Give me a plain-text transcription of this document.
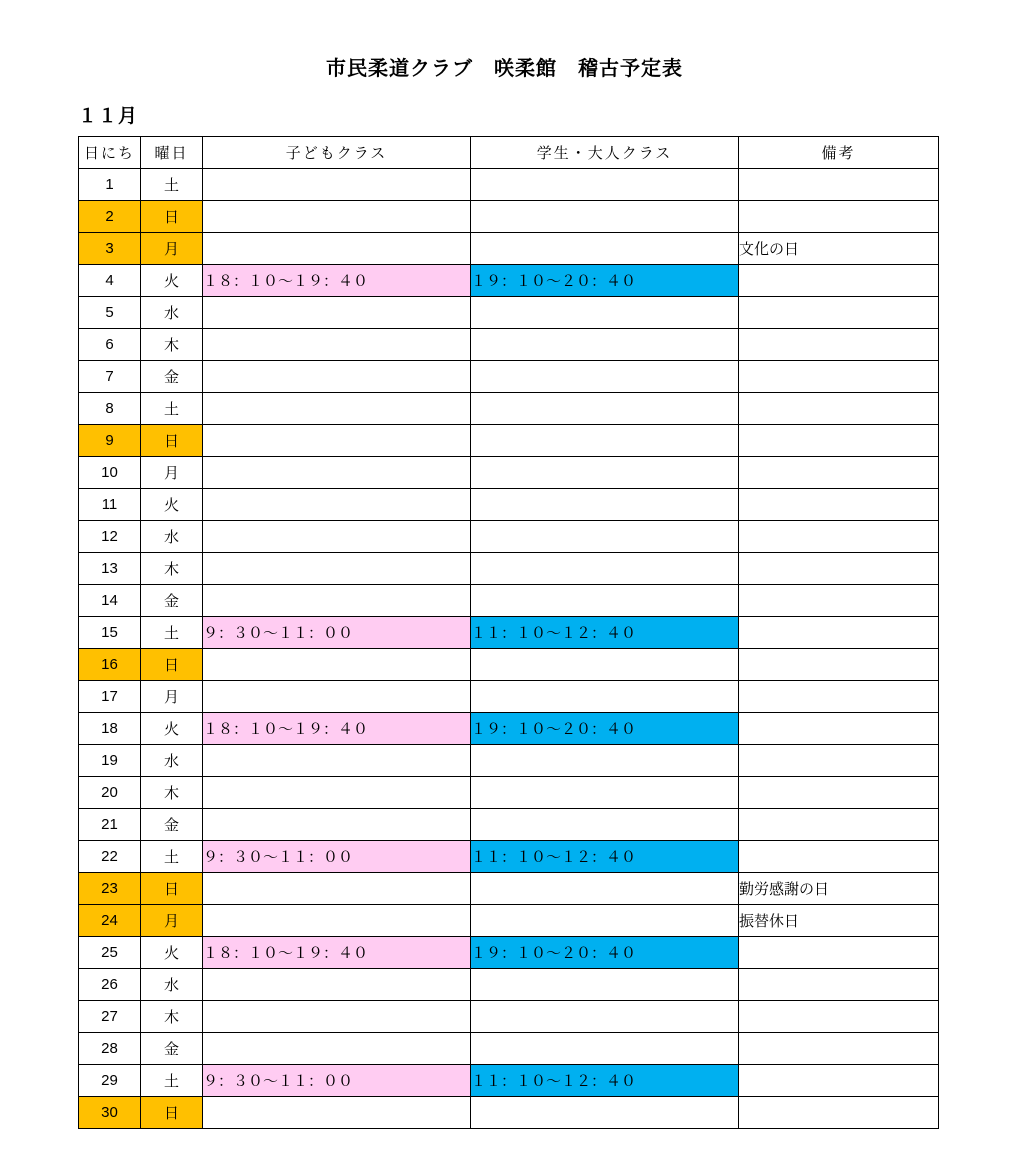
市民柔道クラブ　咲柔館　稽古予定表
１１月
日にち	曜日	子どもクラス	学生・大人クラス	備考
1	土			
2	日			
3	月			文化の日
4	火	１８：１０〜１９：４０	１９：１０〜２０：４０	
5	水			
6	木			
7	金			
8	土			
9	日			
10	月			
11	火			
12	水			
13	木			
14	金			
15	土	９：３０〜１１：００	１１：１０〜１２：４０	
16	日			
17	月			
18	火	１８：１０〜１９：４０	１９：１０〜２０：４０	
19	水			
20	木			
21	金			
22	土	９：３０〜１１：００	１１：１０〜１２：４０	
23	日			勤労感謝の日
24	月			振替休日
25	火	１８：１０〜１９：４０	１９：１０〜２０：４０	
26	水			
27	木			
28	金			
29	土	９：３０〜１１：００	１１：１０〜１２：４０	
30	日			
